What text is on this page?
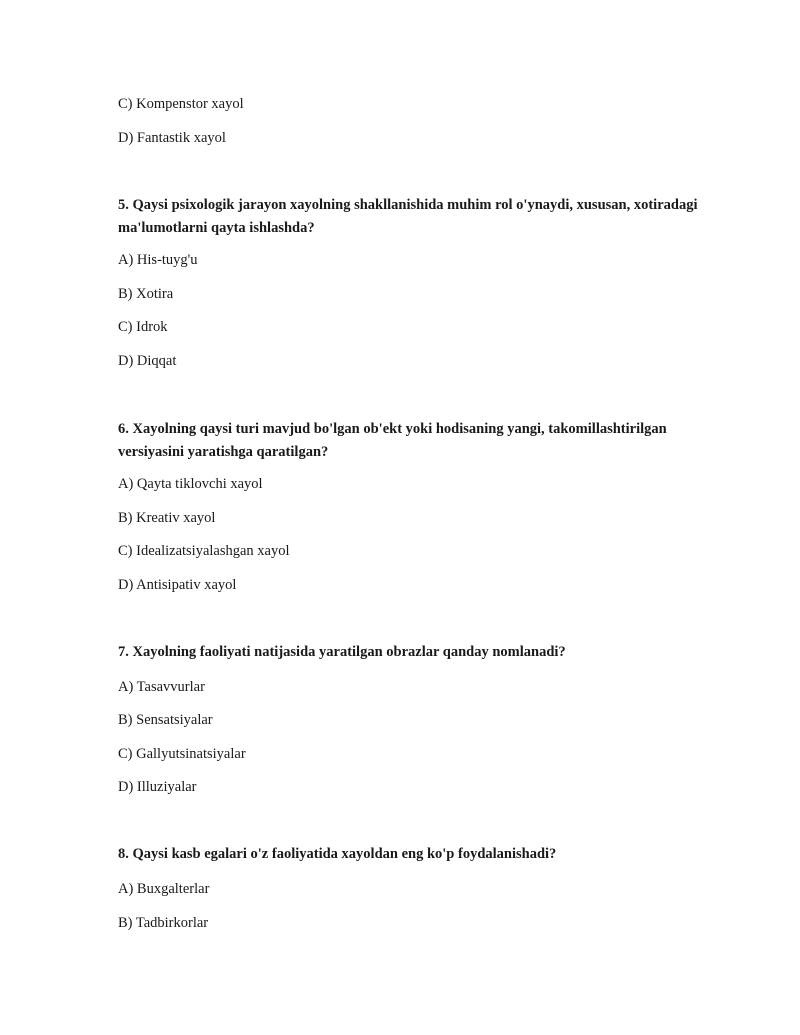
C) Kompenstor xayol
D) Fantastik xayol
5. Qaysi psixologik jarayon xayolning shakllanishida muhim rol o'ynaydi, xususan, xotiradagi ma'lumotlarni qayta ishlashda?
A) His-tuyg'u
B) Xotira
C) Idrok
D) Diqqat
6. Xayolning qaysi turi mavjud bo'lgan ob'ekt yoki hodisaning yangi, takomillashtirilgan versiyasini yaratishga qaratilgan?
A) Qayta tiklovchi xayol
B) Kreativ xayol
C) Idealizatsiyalashgan xayol
D) Antisipativ xayol
7. Xayolning faoliyati natijasida yaratilgan obrazlar qanday nomlanadi?
A) Tasavvurlar
B) Sensatsiyalar
C) Gallyutsinatsiyalar
D) Illuziyalar
8. Qaysi kasb egalari o'z faoliyatida xayoldan eng ko'p foydalanishadi?
A) Buxgalterlar
B) Tadbirkorlar
